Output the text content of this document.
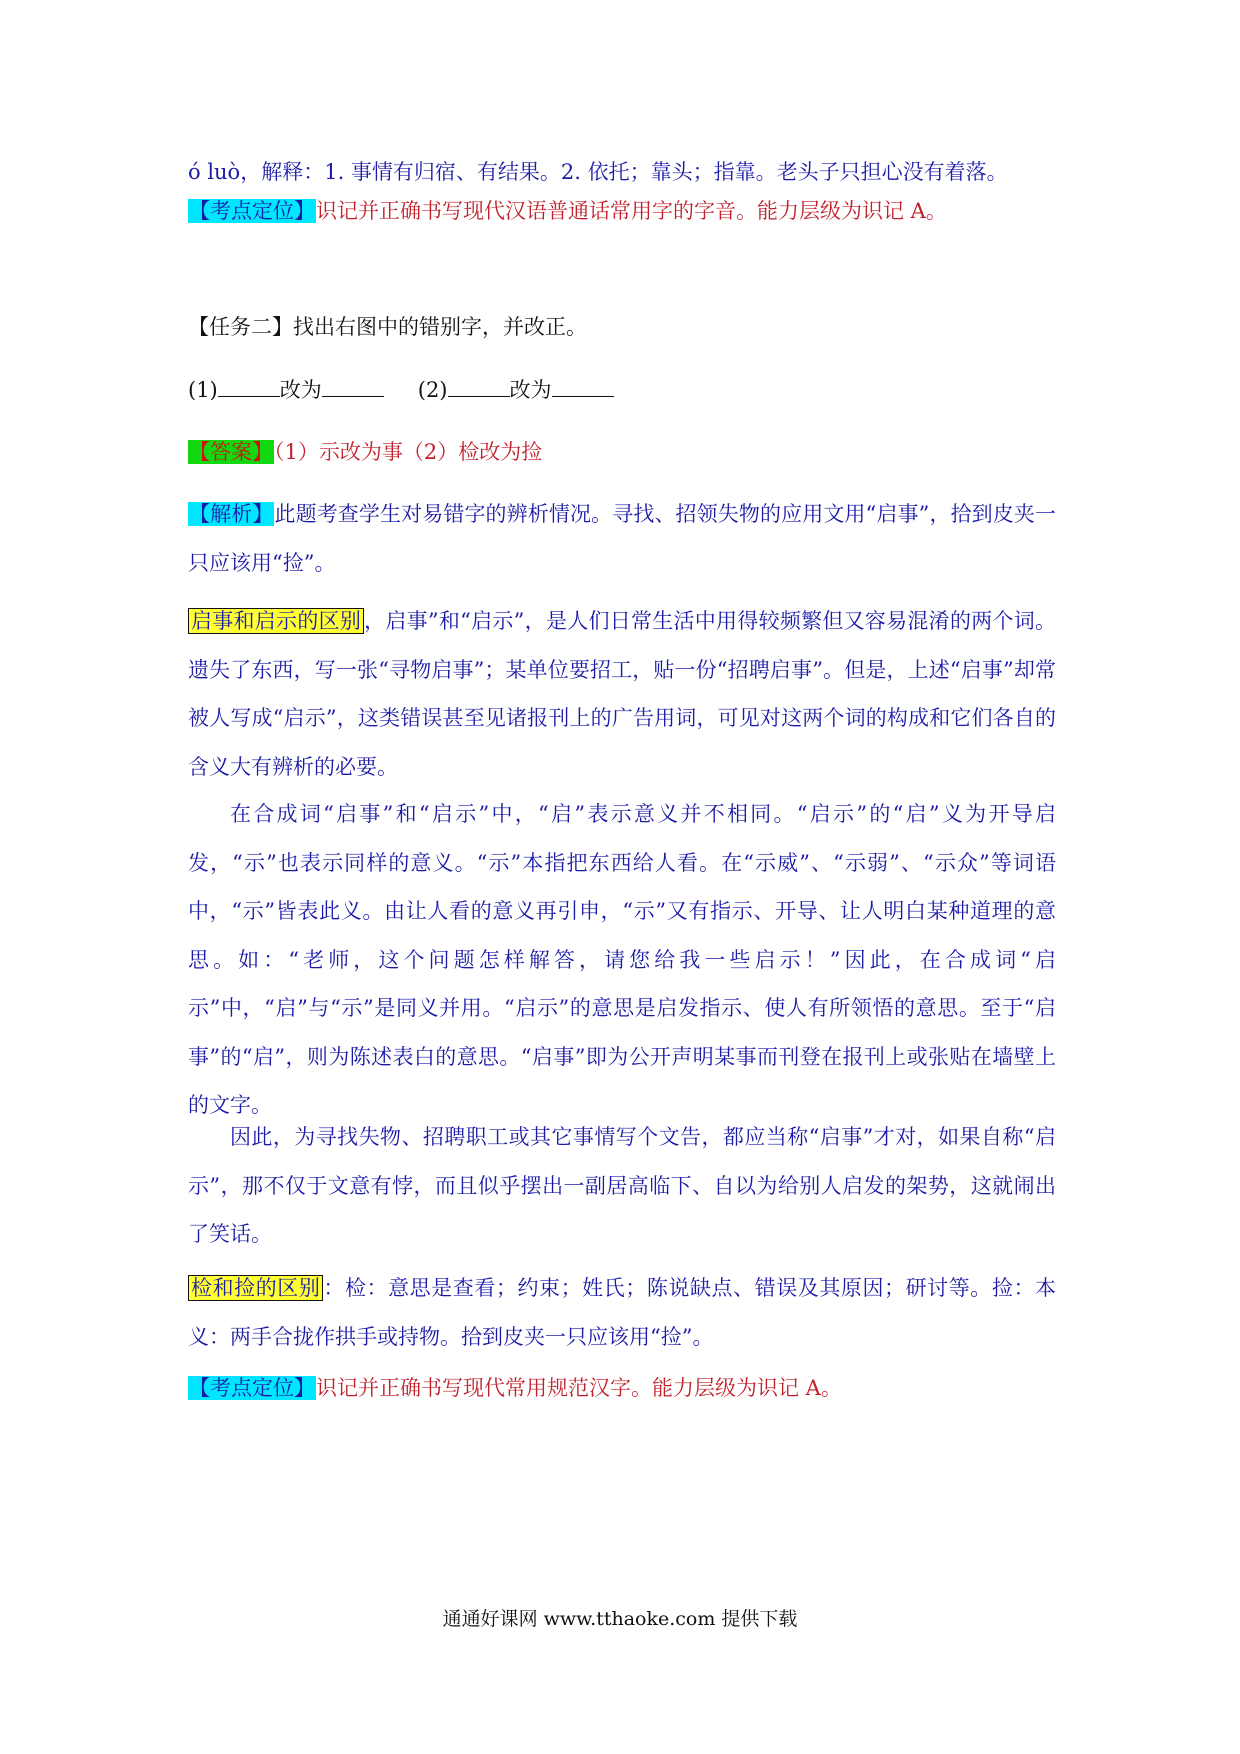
ó luò，解释：1. 事情有归宿、有结果。2. 依托；靠头；指靠。老头子只担心没有着落。
【考点定位】识记并正确书写现代汉语普通话常用字的字音。能力层级为识记 A。
【任务二】找出右图中的错别字，并改正。
(1)	改为	(2)	改为
【答案】（1）示改为事（2）检改为捡
【解析】此题考查学生对易错字的辨析情况。寻找、招领失物的应用文用“启事”，拾到皮夹一只应该用“捡”。
启事和启示的区别 ，启事”和“启示”，是人们日常生活中用得较频繁但又容易混淆的两个词。遗失了东西，写一张“寻物启事”；某单位要招工，贴一份“招聘启事”。但是，上述“启事”却常被人写成“启示”，这类错误甚至见诸报刊上的广告用词，可见对这两个词的构成和它们各自的含义大有辨析的必要。
在合成词“启事”和“启示”中，“启”表示意义并不相同。“启示”的“启”义为开导启发，“示”也表示同样的意义。“示”本指把东西给人看。在“示威”、“示弱”、“示众”等词语中，“示”皆表此义。由让人看的意义再引申，“示”又有指示、开导、让人明白某种道理的意思。如：“老师，这个问题怎样解答，请您给我一些启示！”因此，在合成词“启示”中，“启”与“示”是同义并用。“启示”的意思是启发指示、使人有所领悟的意思。至于“启事”的“启”，则为陈述表白的意思。“启事”即为公开声明某事而刊登在报刊上或张贴在墙壁上的文字。
因此，为寻找失物、招聘职工或其它事情写个文告，都应当称“启事”才对，如果自称“启示”，那不仅于文意有悖，而且似乎摆出一副居高临下、自以为给别人启发的架势，这就闹出了笑话。
检和捡的区别 ：检：意思是查看；约束；姓氏；陈说缺点、错误及其原因；研讨等。捡：本义：两手合拢作拱手或持物。拾到皮夹一只应该用“捡”。
【考点定位】识记并正确书写现代常用规范汉字。能力层级为识记 A。
通通好课网 www.tthaoke.com 提供下载
